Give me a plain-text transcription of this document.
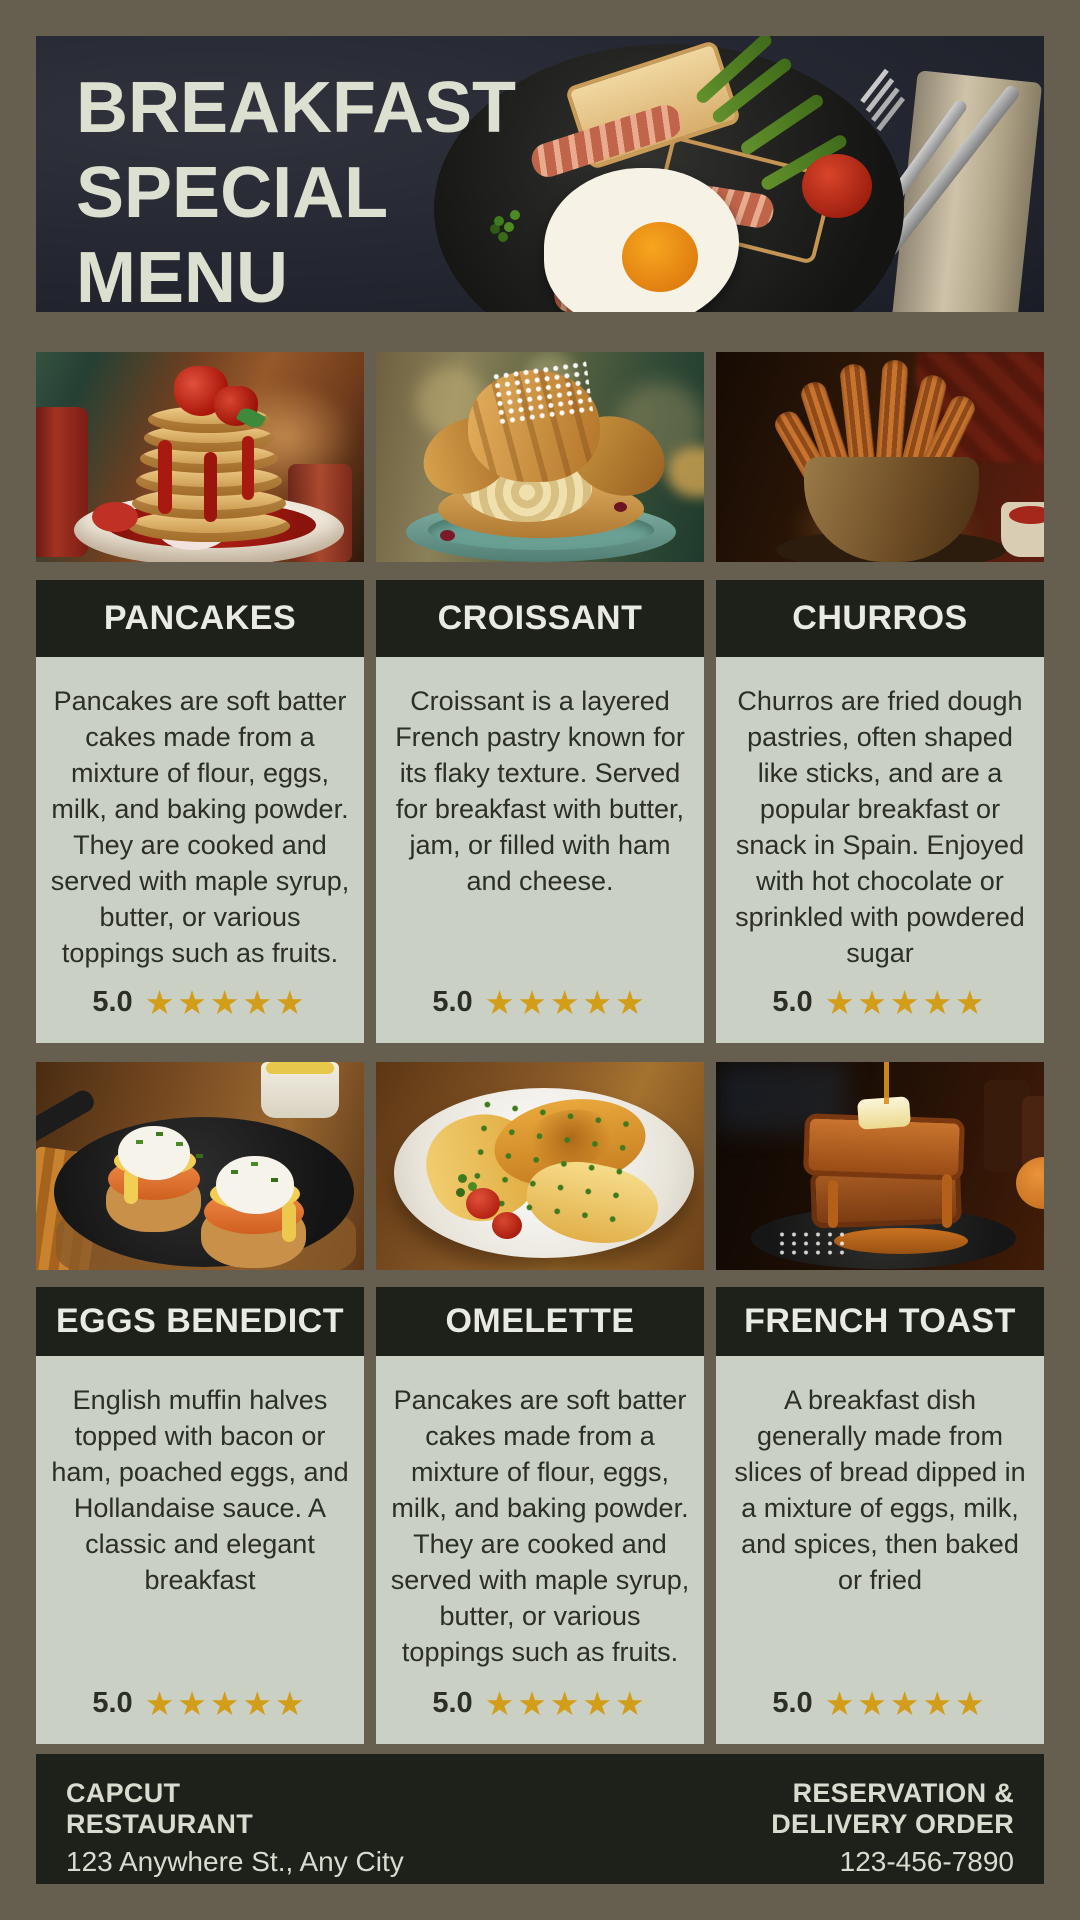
BREAKFAST
SPECIAL
MENU
PANCAKES

Pancakes are soft batter cakes made from a mixture of flour, eggs, milk, and baking powder. They are cooked and served with maple syrup, butter, or various toppings such as fruits.

5.0 ★★★★★
CROISSANT

Croissant is a layered French pastry known for its flaky texture. Served for breakfast with butter, jam, or filled with ham and cheese.

5.0 ★★★★★
CHURROS

Churros are fried dough pastries, often shaped like sticks, and are a popular breakfast or snack in Spain. Enjoyed with hot chocolate or sprinkled with powdered sugar

5.0 ★★★★★
EGGS BENEDICT

English muffin halves topped with bacon or ham, poached eggs, and Hollandaise sauce. A classic and elegant breakfast

5.0 ★★★★★
OMELETTE

Pancakes are soft batter cakes made from a mixture of flour, eggs, milk, and baking powder. They are cooked and served with maple syrup, butter, or various toppings such as fruits.

5.0 ★★★★★
FRENCH TOAST

A breakfast dish generally made from slices of bread dipped in a mixture of eggs, milk, and spices, then baked or fried

5.0 ★★★★★
CAPCUT
RESTAURANT
123 Anywhere St., Any City
RESERVATION &
DELIVERY ORDER
123-456-7890
